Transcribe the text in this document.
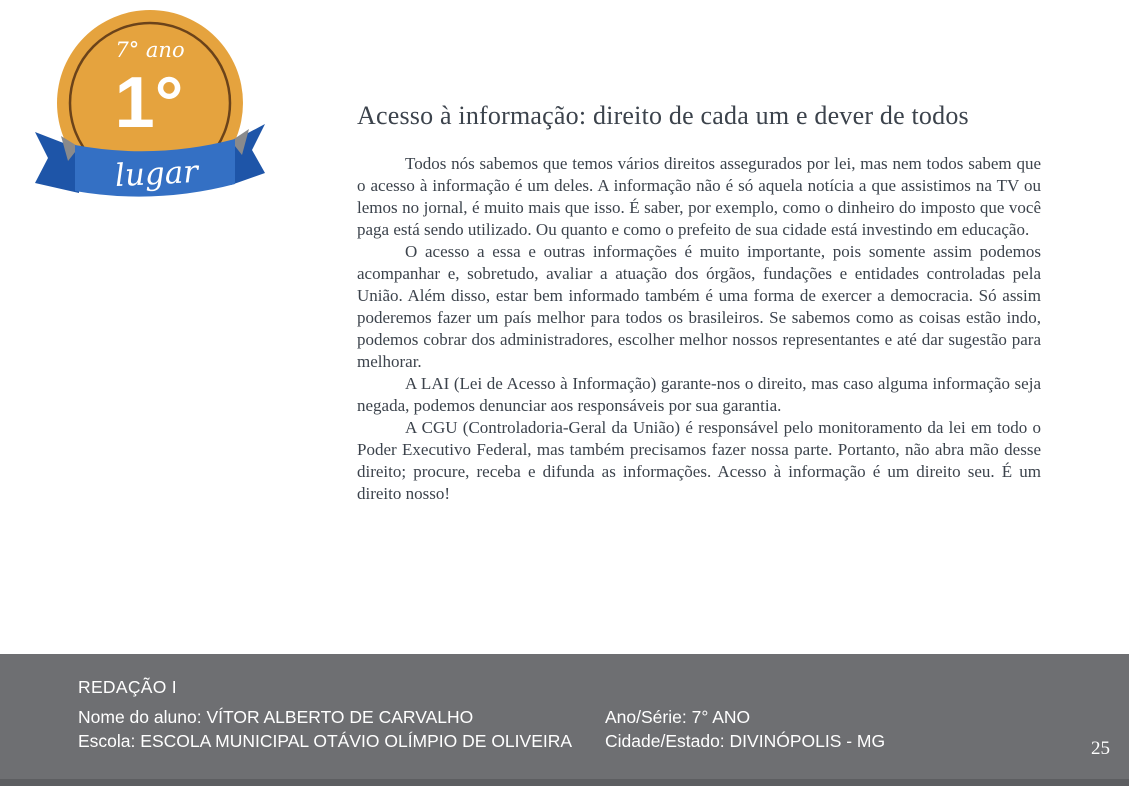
7° ano
1°
lugar
Acesso à informação: direito de cada um e dever de todos

Todos nós sabemos que temos vários direitos assegurados por lei, mas nem todos sabem que o acesso à informação é um deles. A informação não é só aquela notícia a que assistimos na TV ou lemos no jornal, é muito mais que isso. É saber, por exemplo, como o dinheiro do imposto que você paga está sendo utilizado. Ou quanto e como o prefeito de sua cidade está investindo em educação.

O acesso a essa e outras informações é muito importante, pois somente assim podemos acompanhar e, sobretudo, avaliar a atuação dos órgãos, fundações e entidades controladas pela União. Além disso, estar bem informado também é uma forma de exercer a democracia. Só assim poderemos fazer um país melhor para todos os brasileiros. Se sabemos como as coisas estão indo, podemos cobrar dos administradores, escolher melhor nossos representantes e até dar sugestão para melhorar.

A LAI (Lei de Acesso à Informação) garante-nos o direito, mas caso alguma informação seja negada, podemos denunciar aos responsáveis por sua garantia.

A CGU (Controladoria-Geral da União) é responsável pelo monitoramento da lei em todo o Poder Executivo Federal, mas também precisamos fazer nossa parte. Portanto, não abra mão desse direito; procure, receba e difunda as informações. Acesso à informação é um direito seu. É um direito nosso!

REDAÇÃO I
Nome do aluno: VÍTOR ALBERTO DE CARVALHO
Escola: ESCOLA MUNICIPAL OTÁVIO OLÍMPIO DE OLIVEIRA
Ano/Série: 7° ANO
Cidade/Estado: DIVINÓPOLIS - MG	25
